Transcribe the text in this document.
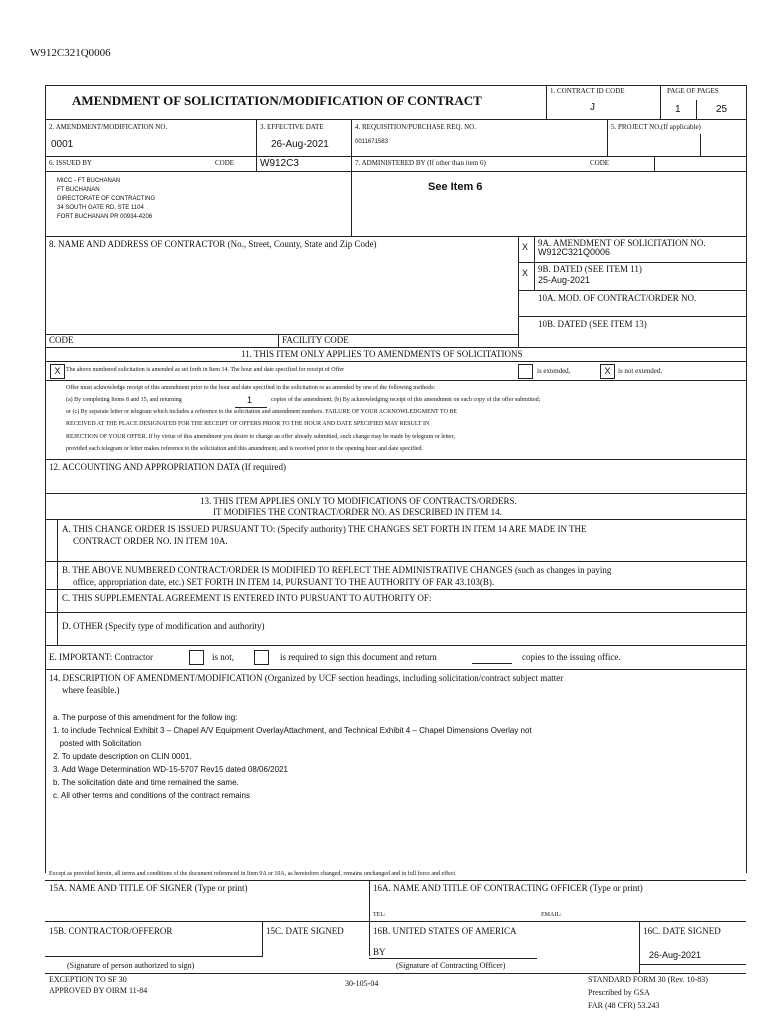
W912C321Q0006
AMENDMENT OF SOLICITATION/MODIFICATION OF CONTRACT
1. CONTRACT ID CODE
J
PAGE OF PAGES
1	25
2. AMENDMENT/MODIFICATION NO.
0001
3. EFFECTIVE DATE
26-Aug-2021
4. REQUISITION/PURCHASE REQ. NO.
0011671583
5. PROJECT NO.(If applicable)
6. ISSUED BY	CODE	W912C3	7. ADMINISTERED BY (If other than item 6)	CODE
MICC - FT BUCHANAN
FT BUCHANAN
DIRECTORATE OF CONTRACTING
34 SOUTH GATE RD, STE 1104
FORT BUCHANAN PR 00934-4206
See Item 6
8. NAME AND ADDRESS OF CONTRACTOR (No., Street, County, State and Zip Code)	X 9A. AMENDMENT OF SOLICITATION NO.
W912C321Q0006
X 9B. DATED (SEE ITEM 11)
25-Aug-2021
10A. MOD. OF CONTRACT/ORDER NO.
10B. DATED (SEE ITEM 13)
CODE	FACILITY CODE
11. THIS ITEM ONLY APPLIES TO AMENDMENTS OF SOLICITATIONS
X The above numbered solicitation is amended as set forth in Item 14. The hour and date specified for receipt of Offer	is extended,	X	is not extended.
Offer must acknowledge receipt of this amendment prior to the hour and date specified in the solicitation or as amended by one of the following methods:
(a) By completing Items 8 and 15, and returning	1	copies of the amendment; (b) By acknowledging receipt of this amendment on each copy of the offer submitted;
or (c) By separate letter or telegram which includes a reference to the solicitation and amendment numbers. FAILURE OF YOUR ACKNOWLEDGMENT TO BE
RECEIVED AT THE PLACE DESIGNATED FOR THE RECEIPT OF OFFERS PRIOR TO THE HOUR AND DATE SPECIFIED MAY RESULT IN
REJECTION OF YOUR OFFER. If by virtue of this amendment you desire to change an offer already submitted, such change may be made by telegram or letter,
provided each telegram or letter makes reference to the solicitation and this amendment, and is received prior to the opening hour and date specified.
12. ACCOUNTING AND APPROPRIATION DATA (If required)
13. THIS ITEM APPLIES ONLY TO MODIFICATIONS OF CONTRACTS/ORDERS.
IT MODIFIES THE CONTRACT/ORDER NO. AS DESCRIBED IN ITEM 14.
A. THIS CHANGE ORDER IS ISSUED PURSUANT TO: (Specify authority) THE CHANGES SET FORTH IN ITEM 14 ARE MADE IN THE
CONTRACT ORDER NO. IN ITEM 10A.
B. THE ABOVE NUMBERED CONTRACT/ORDER IS MODIFIED TO REFLECT THE ADMINISTRATIVE CHANGES (such as changes in paying
office, appropriation date, etc.) SET FORTH IN ITEM 14, PURSUANT TO THE AUTHORITY OF FAR 43.103(B).
C. THIS SUPPLEMENTAL AGREEMENT IS ENTERED INTO PURSUANT TO AUTHORITY OF:
D. OTHER (Specify type of modification and authority)
E. IMPORTANT: Contractor	is not,	is required to sign this document and return	copies to the issuing office.
14. DESCRIPTION OF AMENDMENT/MODIFICATION (Organized by UCF section headings, including solicitation/contract subject matter
where feasible.)
a. The purpose of this amendment for the follow ing:
1. to include Technical Exhibit 3 – Chapel A/V Equipment OverlayAttachment, and Technical Exhibit 4 – Chapel Dimensions Overlay not
posted with Solicitation
2. To update description on CLIN 0001.
3. Add Wage Determination WD-15-5707 Rev15 dated 08/06/2021
b. The solicitation date and time remained the same.
c. All other terms and conditions of the contract remains
Except as provided herein, all terms and conditions of the document referenced in Item 9A or 10A, as heretofore changed, remains unchanged and in full force and effect.
15A. NAME AND TITLE OF SIGNER (Type or print)	16A. NAME AND TITLE OF CONTRACTING OFFICER (Type or print)
TEL:	EMAIL:
15B. CONTRACTOR/OFFEROR	15C. DATE SIGNED	16B. UNITED STATES OF AMERICA	16C. DATE SIGNED
BY	26-Aug-2021
(Signature of person authorized to sign)	(Signature of Contracting Officer)
EXCEPTION TO SF 30
APPROVED BY OIRM 11-84
30-105-04	STANDARD FORM 30 (Rev. 10-83)
Prescribed by GSA
FAR (48 CFR) 53.243
